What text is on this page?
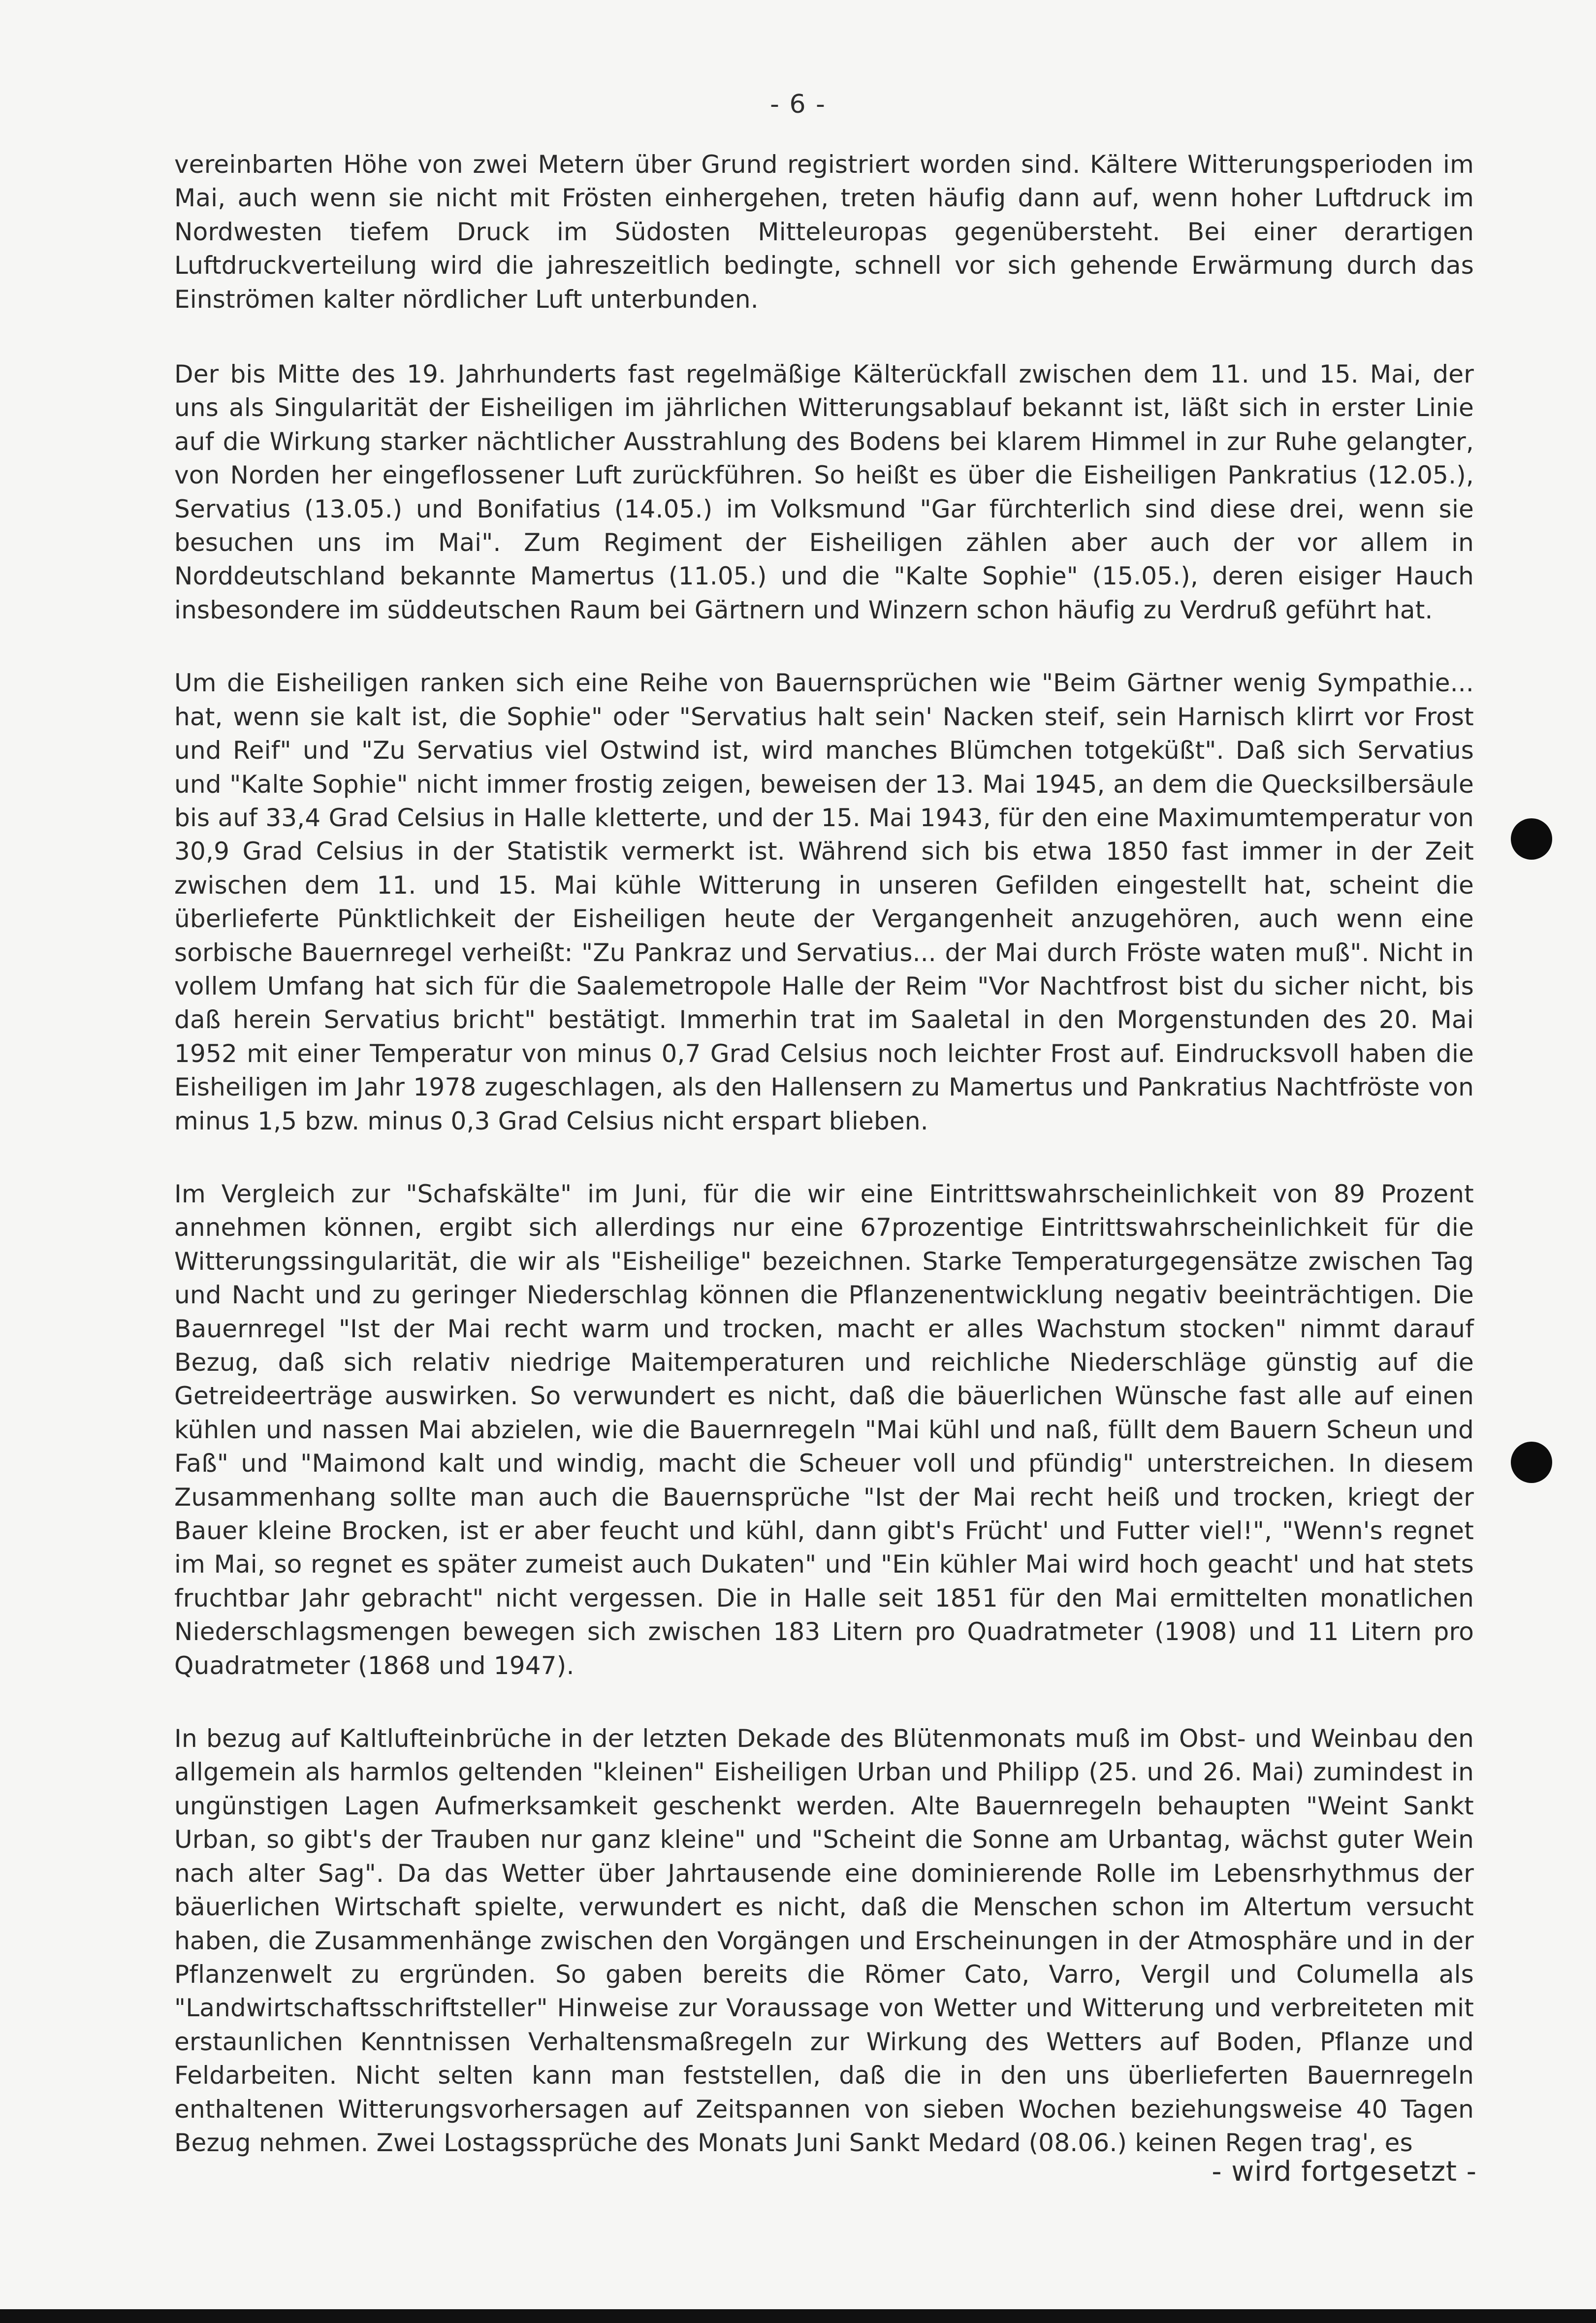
- 6 -

vereinbarten Höhe von zwei Metern über Grund registriert worden sind. Kältere Witterungsperioden im Mai, auch wenn sie nicht mit Frösten einhergehen, treten häufig dann auf, wenn hoher Luftdruck im Nordwesten tiefem Druck im Südosten Mitteleuropas gegenübersteht. Bei einer derartigen Luftdruckverteilung wird die jahreszeitlich bedingte, schnell vor sich gehende Erwärmung durch das Einströmen kalter nördlicher Luft unterbunden.

Der bis Mitte des 19. Jahrhunderts fast regelmäßige Kälterückfall zwischen dem 11. und 15. Mai, der uns als Singularität der Eisheiligen im jährlichen Witterungsablauf bekannt ist, läßt sich in erster Linie auf die Wirkung starker nächtlicher Ausstrahlung des Bodens bei klarem Himmel in zur Ruhe gelangter, von Norden her eingeflossener Luft zurückführen. So heißt es über die Eisheiligen Pankratius (12.05.), Servatius (13.05.) und Bonifatius (14.05.) im Volksmund "Gar fürchterlich sind diese drei, wenn sie besuchen uns im Mai". Zum Regiment der Eisheiligen zählen aber auch der vor allem in Norddeutschland bekannte Mamertus (11.05.) und die "Kalte Sophie" (15.05.), deren eisiger Hauch insbesondere im süddeutschen Raum bei Gärtnern und Winzern schon häufig zu Verdruß geführt hat.

Um die Eisheiligen ranken sich eine Reihe von Bauernsprüchen wie "Beim Gärtner wenig Sympathie... hat, wenn sie kalt ist, die Sophie" oder "Servatius halt sein' Nacken steif, sein Harnisch klirrt vor Frost und Reif" und "Zu Servatius viel Ostwind ist, wird manches Blümchen totgeküßt". Daß sich Servatius und "Kalte Sophie" nicht immer frostig zeigen, beweisen der 13. Mai 1945, an dem die Quecksilbersäule bis auf 33,4 Grad Celsius in Halle kletterte, und der 15. Mai 1943, für den eine Maximumtemperatur von 30,9 Grad Celsius in der Statistik vermerkt ist. Während sich bis etwa 1850 fast immer in der Zeit zwischen dem 11. und 15. Mai kühle Witterung in unseren Gefilden eingestellt hat, scheint die überlieferte Pünktlichkeit der Eisheiligen heute der Vergangenheit anzugehören, auch wenn eine sorbische Bauernregel verheißt: "Zu Pankraz und Servatius... der Mai durch Fröste waten muß". Nicht in vollem Umfang hat sich für die Saalemetropole Halle der Reim "Vor Nachtfrost bist du sicher nicht, bis daß herein Servatius bricht" bestätigt. Immerhin trat im Saaletal in den Morgenstunden des 20. Mai 1952 mit einer Temperatur von minus 0,7 Grad Celsius noch leichter Frost auf. Eindrucksvoll haben die Eisheiligen im Jahr 1978 zugeschlagen, als den Hallensern zu Mamertus und Pankratius Nachtfröste von minus 1,5 bzw. minus 0,3 Grad Celsius nicht erspart blieben.

Im Vergleich zur "Schafskälte" im Juni, für die wir eine Eintrittswahrscheinlichkeit von 89 Prozent annehmen können, ergibt sich allerdings nur eine 67prozentige Eintrittswahrscheinlichkeit für die Witterungssingularität, die wir als "Eisheilige" bezeichnen. Starke Temperaturgegensätze zwischen Tag und Nacht und zu geringer Niederschlag können die Pflanzenentwicklung negativ beeinträchtigen. Die Bauernregel "Ist der Mai recht warm und trocken, macht er alles Wachstum stocken" nimmt darauf Bezug, daß sich relativ niedrige Maitemperaturen und reichliche Niederschläge günstig auf die Getreideerträge auswirken. So verwundert es nicht, daß die bäuerlichen Wünsche fast alle auf einen kühlen und nassen Mai abzielen, wie die Bauernregeln "Mai kühl und naß, füllt dem Bauern Scheun und Faß" und "Maimond kalt und windig, macht die Scheuer voll und pfündig" unterstreichen. In diesem Zusammenhang sollte man auch die Bauernsprüche "Ist der Mai recht heiß und trocken, kriegt der Bauer kleine Brocken, ist er aber feucht und kühl, dann gibt's Frücht' und Futter viel!", "Wenn's regnet im Mai, so regnet es später zumeist auch Dukaten" und "Ein kühler Mai wird hoch geacht' und hat stets fruchtbar Jahr gebracht" nicht vergessen. Die in Halle seit 1851 für den Mai ermittelten monatlichen Niederschlagsmengen bewegen sich zwischen 183 Litern pro Quadratmeter (1908) und 11 Litern pro Quadratmeter (1868 und 1947).

In bezug auf Kaltlufteinbrüche in der letzten Dekade des Blütenmonats muß im Obst- und Weinbau den allgemein als harmlos geltenden "kleinen" Eisheiligen Urban und Philipp (25. und 26. Mai) zumindest in ungünstigen Lagen Aufmerksamkeit geschenkt werden. Alte Bauernregeln behaupten "Weint Sankt Urban, so gibt's der Trauben nur ganz kleine" und "Scheint die Sonne am Urbantag, wächst guter Wein nach alter Sag". Da das Wetter über Jahrtausende eine dominierende Rolle im Lebensrhythmus der bäuerlichen Wirtschaft spielte, verwundert es nicht, daß die Menschen schon im Altertum versucht haben, die Zusammenhänge zwischen den Vorgängen und Erscheinungen in der Atmosphäre und in der Pflanzenwelt zu ergründen. So gaben bereits die Römer Cato, Varro, Vergil und Columella als "Landwirtschaftsschriftsteller" Hinweise zur Voraussage von Wetter und Witterung und verbreiteten mit erstaunlichen Kenntnissen Verhaltensmaßregeln zur Wirkung des Wetters auf Boden, Pflanze und Feldarbeiten. Nicht selten kann man feststellen, daß die in den uns überlieferten Bauernregeln enthaltenen Witterungsvorhersagen auf Zeitspannen von sieben Wochen beziehungsweise 40 Tagen Bezug nehmen. Zwei Lostagssprüche des Monats Juni Sankt Medard (08.06.) keinen Regen trag', es

- wird fortgesetzt -
